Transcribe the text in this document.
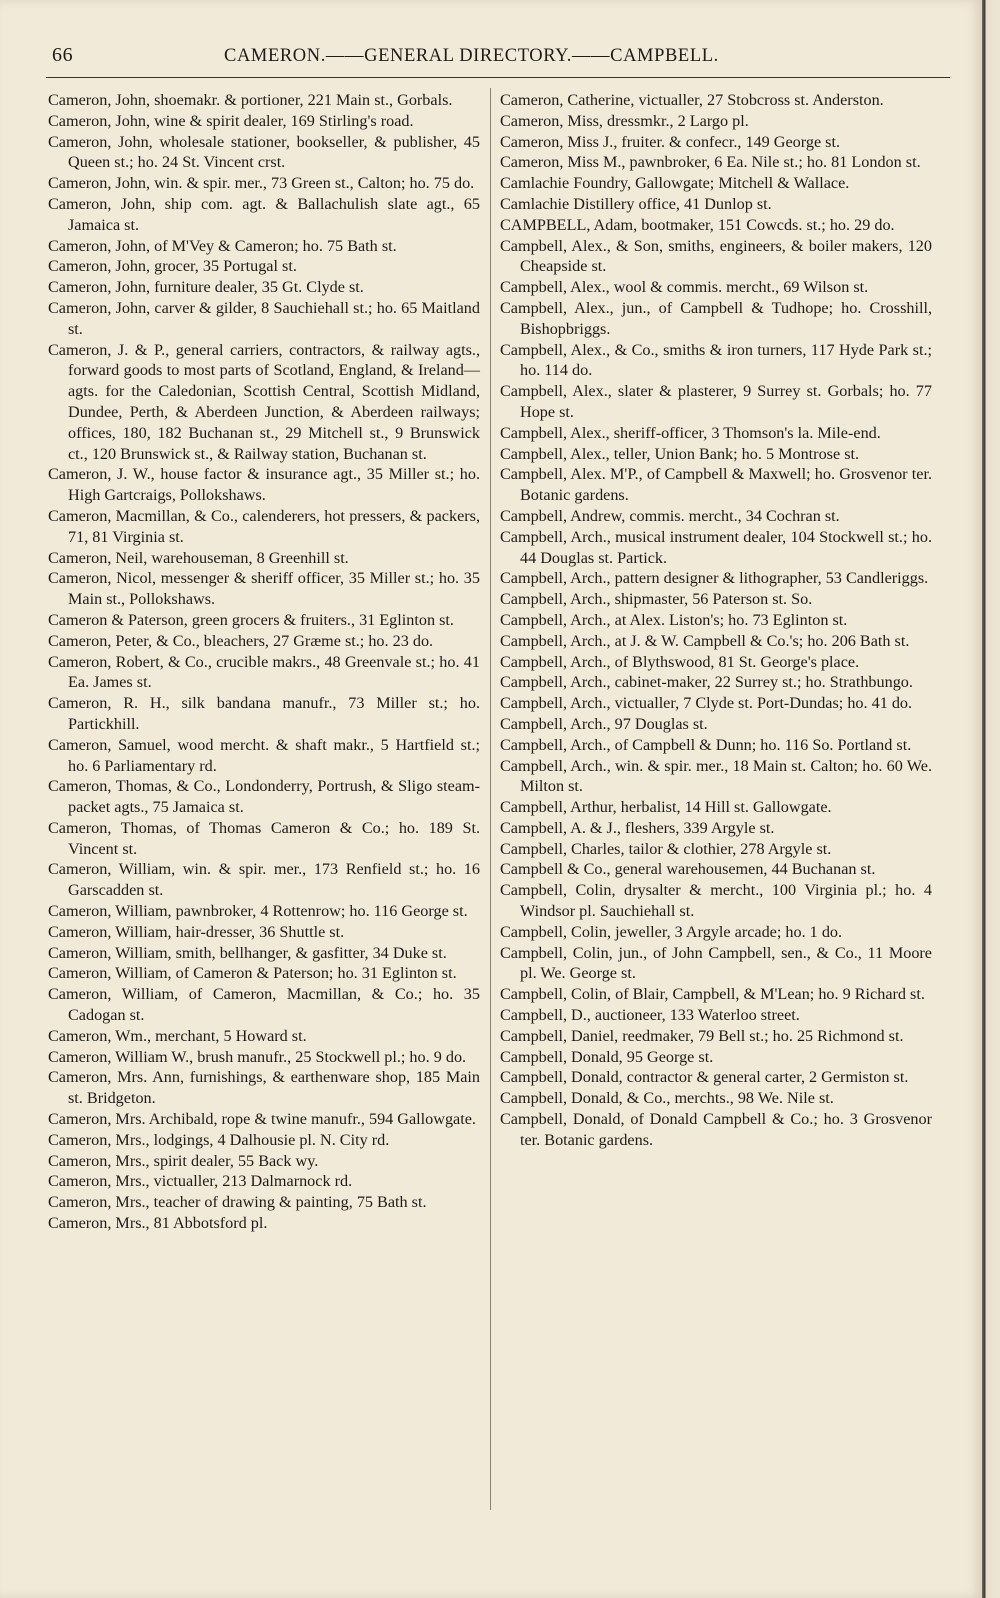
66	CAMERON.——GENERAL DIRECTORY.——CAMPBELL.

Cameron, John, shoemakr. & portioner, 221 Main st., Gorbals.

Cameron, John, wine & spirit dealer, 169 Stirling's road.

Cameron, John, wholesale stationer, bookseller, & publisher, 45 Queen st.; ho. 24 St. Vincent crst.

Cameron, John, win. & spir. mer., 73 Green st., Calton; ho. 75 do.

Cameron, John, ship com. agt. & Ballachulish slate agt., 65 Jamaica st.

Cameron, John, of M'Vey & Cameron; ho. 75 Bath st.

Cameron, John, grocer, 35 Portugal st.

Cameron, John, furniture dealer, 35 Gt. Clyde st.

Cameron, John, carver & gilder, 8 Sauchiehall st.; ho. 65 Maitland st.

Cameron, J. & P., general carriers, contractors, & railway agts., forward goods to most parts of Scotland, England, & Ireland—agts. for the Caledonian, Scottish Central, Scottish Midland, Dundee, Perth, & Aberdeen Junction, & Aberdeen railways; offices, 180, 182 Buchanan st., 29 Mitchell st., 9 Brunswick ct., 120 Brunswick st., & Railway station, Buchanan st.

Cameron, J. W., house factor & insurance agt., 35 Miller st.; ho. High Gartcraigs, Pollokshaws.

Cameron, Macmillan, & Co., calenderers, hot pressers, & packers, 71, 81 Virginia st.

Cameron, Neil, warehouseman, 8 Greenhill st.

Cameron, Nicol, messenger & sheriff officer, 35 Miller st.; ho. 35 Main st., Pollokshaws.

Cameron & Paterson, green grocers & fruiters., 31 Eglinton st.

Cameron, Peter, & Co., bleachers, 27 Græme st.; ho. 23 do.

Cameron, Robert, & Co., crucible makrs., 48 Greenvale st.; ho. 41 Ea. James st.

Cameron, R. H., silk bandana manufr., 73 Miller st.; ho. Partickhill.

Cameron, Samuel, wood mercht. & shaft makr., 5 Hartfield st.; ho. 6 Parliamentary rd.

Cameron, Thomas, & Co., Londonderry, Portrush, & Sligo steam-packet agts., 75 Jamaica st.

Cameron, Thomas, of Thomas Cameron & Co.; ho. 189 St. Vincent st.

Cameron, William, win. & spir. mer., 173 Renfield st.; ho. 16 Garscadden st.

Cameron, William, pawnbroker, 4 Rottenrow; ho. 116 George st.

Cameron, William, hair-dresser, 36 Shuttle st.

Cameron, William, smith, bellhanger, & gasfitter, 34 Duke st.

Cameron, William, of Cameron & Paterson; ho. 31 Eglinton st.

Cameron, William, of Cameron, Macmillan, & Co.; ho. 35 Cadogan st.

Cameron, Wm., merchant, 5 Howard st.

Cameron, William W., brush manufr., 25 Stockwell pl.; ho. 9 do.

Cameron, Mrs. Ann, furnishings, & earthenware shop, 185 Main st. Bridgeton.

Cameron, Mrs. Archibald, rope & twine manufr., 594 Gallowgate.

Cameron, Mrs., lodgings, 4 Dalhousie pl. N. City rd.

Cameron, Mrs., spirit dealer, 55 Back wy.

Cameron, Mrs., victualler, 213 Dalmarnock rd.

Cameron, Mrs., teacher of drawing & painting, 75 Bath st.

Cameron, Mrs., 81 Abbotsford pl.

Cameron, Catherine, victualler, 27 Stobcross st. Anderston.

Cameron, Miss, dressmkr., 2 Largo pl.

Cameron, Miss J., fruiter. & confecr., 149 George st.

Cameron, Miss M., pawnbroker, 6 Ea. Nile st.; ho. 81 London st.

Camlachie Foundry, Gallowgate; Mitchell & Wallace.

Camlachie Distillery office, 41 Dunlop st.

CAMPBELL, Adam, bootmaker, 151 Cowcds. st.; ho. 29 do.

Campbell, Alex., & Son, smiths, engineers, & boiler makers, 120 Cheapside st.

Campbell, Alex., wool & commis. mercht., 69 Wilson st.

Campbell, Alex., jun., of Campbell & Tudhope; ho. Crosshill, Bishopbriggs.

Campbell, Alex., & Co., smiths & iron turners, 117 Hyde Park st.; ho. 114 do.

Campbell, Alex., slater & plasterer, 9 Surrey st. Gorbals; ho. 77 Hope st.

Campbell, Alex., sheriff-officer, 3 Thomson's la. Mile-end.

Campbell, Alex., teller, Union Bank; ho. 5 Montrose st.

Campbell, Alex. M'P., of Campbell & Maxwell; ho. Grosvenor ter. Botanic gardens.

Campbell, Andrew, commis. mercht., 34 Cochran st.

Campbell, Arch., musical instrument dealer, 104 Stockwell st.; ho. 44 Douglas st. Partick.

Campbell, Arch., pattern designer & lithographer, 53 Candleriggs.

Campbell, Arch., shipmaster, 56 Paterson st. So.

Campbell, Arch., at Alex. Liston's; ho. 73 Eglinton st.

Campbell, Arch., at J. & W. Campbell & Co.'s; ho. 206 Bath st.

Campbell, Arch., of Blythswood, 81 St. George's place.

Campbell, Arch., cabinet-maker, 22 Surrey st.; ho. Strathbungo.

Campbell, Arch., victualler, 7 Clyde st. Port-Dundas; ho. 41 do.

Campbell, Arch., 97 Douglas st.

Campbell, Arch., of Campbell & Dunn; ho. 116 So. Portland st.

Campbell, Arch., win. & spir. mer., 18 Main st. Calton; ho. 60 We. Milton st.

Campbell, Arthur, herbalist, 14 Hill st. Gallowgate.

Campbell, A. & J., fleshers, 339 Argyle st.

Campbell, Charles, tailor & clothier, 278 Argyle st.

Campbell & Co., general warehousemen, 44 Buchanan st.

Campbell, Colin, drysalter & mercht., 100 Virginia pl.; ho. 4 Windsor pl. Sauchiehall st.

Campbell, Colin, jeweller, 3 Argyle arcade; ho. 1 do.

Campbell, Colin, jun., of John Campbell, sen., & Co., 11 Moore pl. We. George st.

Campbell, Colin, of Blair, Campbell, & M'Lean; ho. 9 Richard st.

Campbell, D., auctioneer, 133 Waterloo street.

Campbell, Daniel, reedmaker, 79 Bell st.; ho. 25 Richmond st.

Campbell, Donald, 95 George st.

Campbell, Donald, contractor & general carter, 2 Germiston st.

Campbell, Donald, & Co., merchts., 98 We. Nile st.

Campbell, Donald, of Donald Campbell & Co.; ho. 3 Grosvenor ter. Botanic gardens.
